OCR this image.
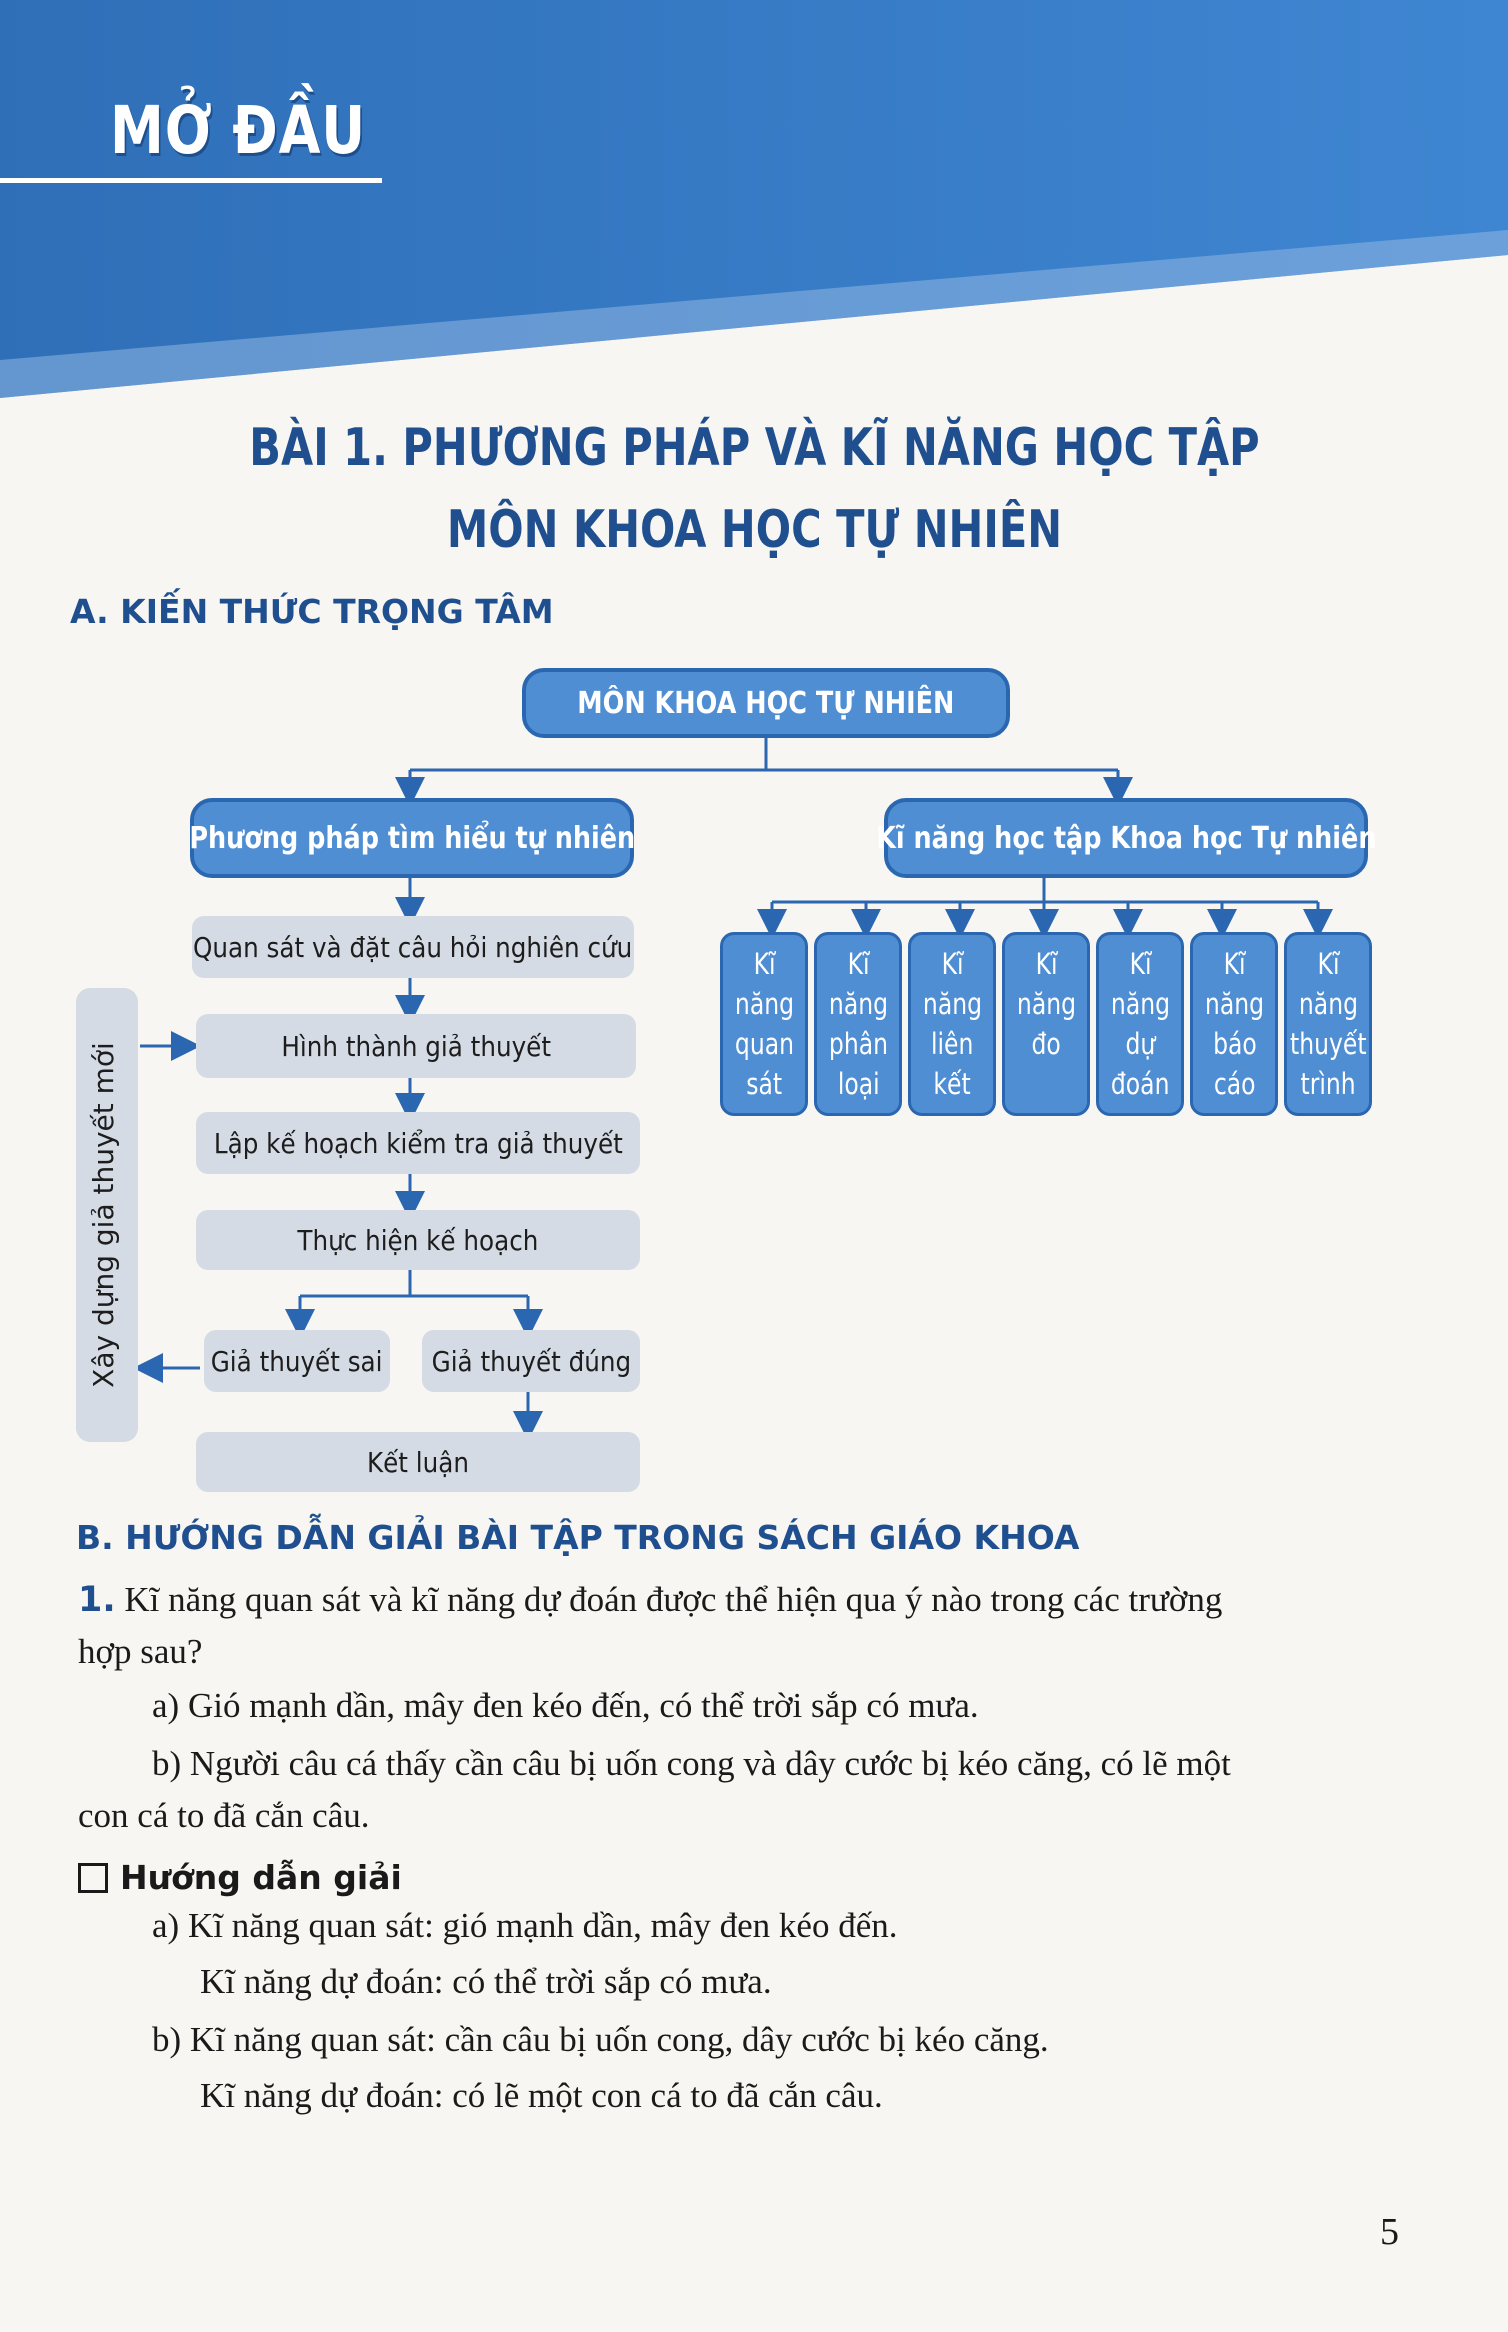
MỞ ĐẦU
BÀI 1. PHƯƠNG PHÁP VÀ KĨ NĂNG HỌC TẬP
MÔN KHOA HỌC TỰ NHIÊN
A. KIẾN THỨC TRỌNG TÂM
MÔN KHOA HỌC TỰ NHIÊN
Phương pháp tìm hiểu tự nhiên	Kĩ năng học tập Khoa học Tự nhiên
Quan sát và đặt câu hỏi nghiên cứu
Hình thành giả thuyết
Lập kế hoạch kiểm tra giả thuyết
Thực hiện kế hoạch
Giả thuyết sai Giả thuyết đúng
Kết luận
Xây dựng giả thuyết mới
Kĩ
năng
quan
sát
Kĩ
năng
phân
loại
Kĩ
năng
liên
kết
Kĩ
năng
đo

Kĩ
năng
dự
đoán
Kĩ
năng
báo
cáo
Kĩ
năng
thuyết
trình
B. HƯỚNG DẪN GIẢI BÀI TẬP TRONG SÁCH GIÁO KHOA
1. Kĩ năng quan sát và kĩ năng dự đoán được thể hiện qua ý nào trong các trường
hợp sau?
a) Gió mạnh dần, mây đen kéo đến, có thể trời sắp có mưa.
b) Người câu cá thấy cần câu bị uốn cong và dây cước bị kéo căng, có lẽ một
con cá to đã cắn câu.
Hướng dẫn giải
a) Kĩ năng quan sát: gió mạnh dần, mây đen kéo đến.
Kĩ năng dự đoán: có thể trời sắp có mưa.
b) Kĩ năng quan sát: cần câu bị uốn cong, dây cước bị kéo căng.
Kĩ năng dự đoán: có lẽ một con cá to đã cắn câu.
5
